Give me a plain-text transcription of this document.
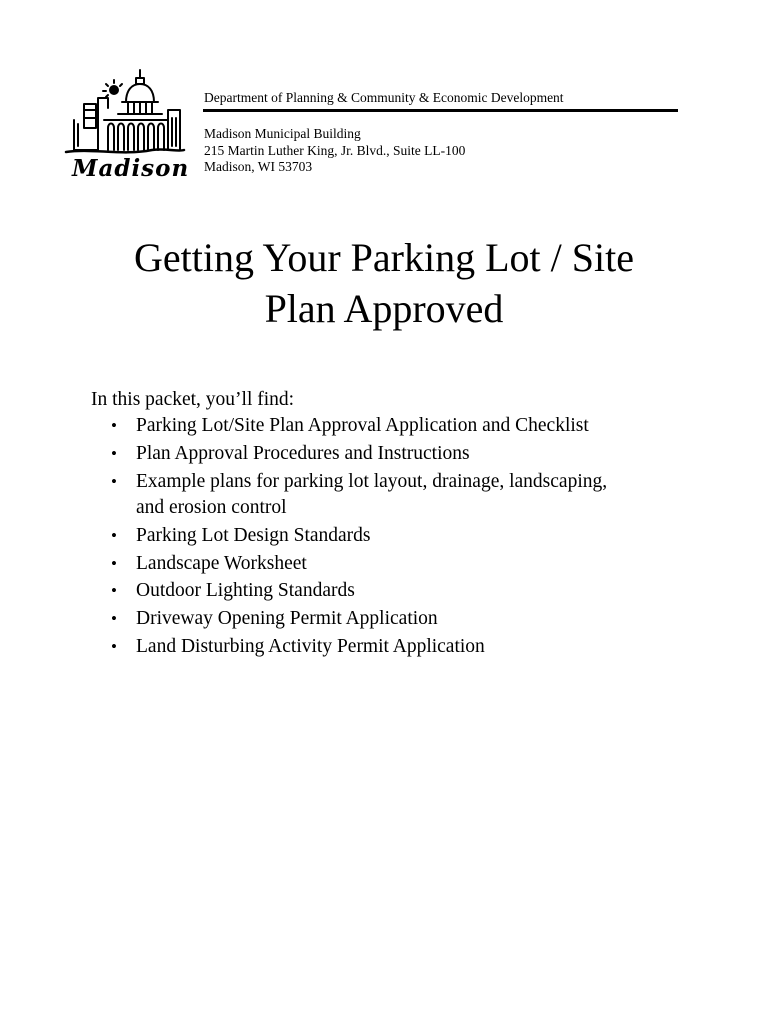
Madison
Department of Planning & Community & Economic Development
Madison Municipal Building
215 Martin Luther King, Jr. Blvd., Suite LL-100
Madison, WI 53703
Getting Your Parking Lot / Site
Plan Approved
In this packet, you’ll find:
• Parking Lot/Site Plan Approval Application and Checklist
• Plan Approval Procedures and Instructions
• Example plans for parking lot layout, drainage, landscaping, and erosion control
• Parking Lot Design Standards
• Landscape Worksheet
• Outdoor Lighting Standards
• Driveway Opening Permit Application
• Land Disturbing Activity Permit Application
